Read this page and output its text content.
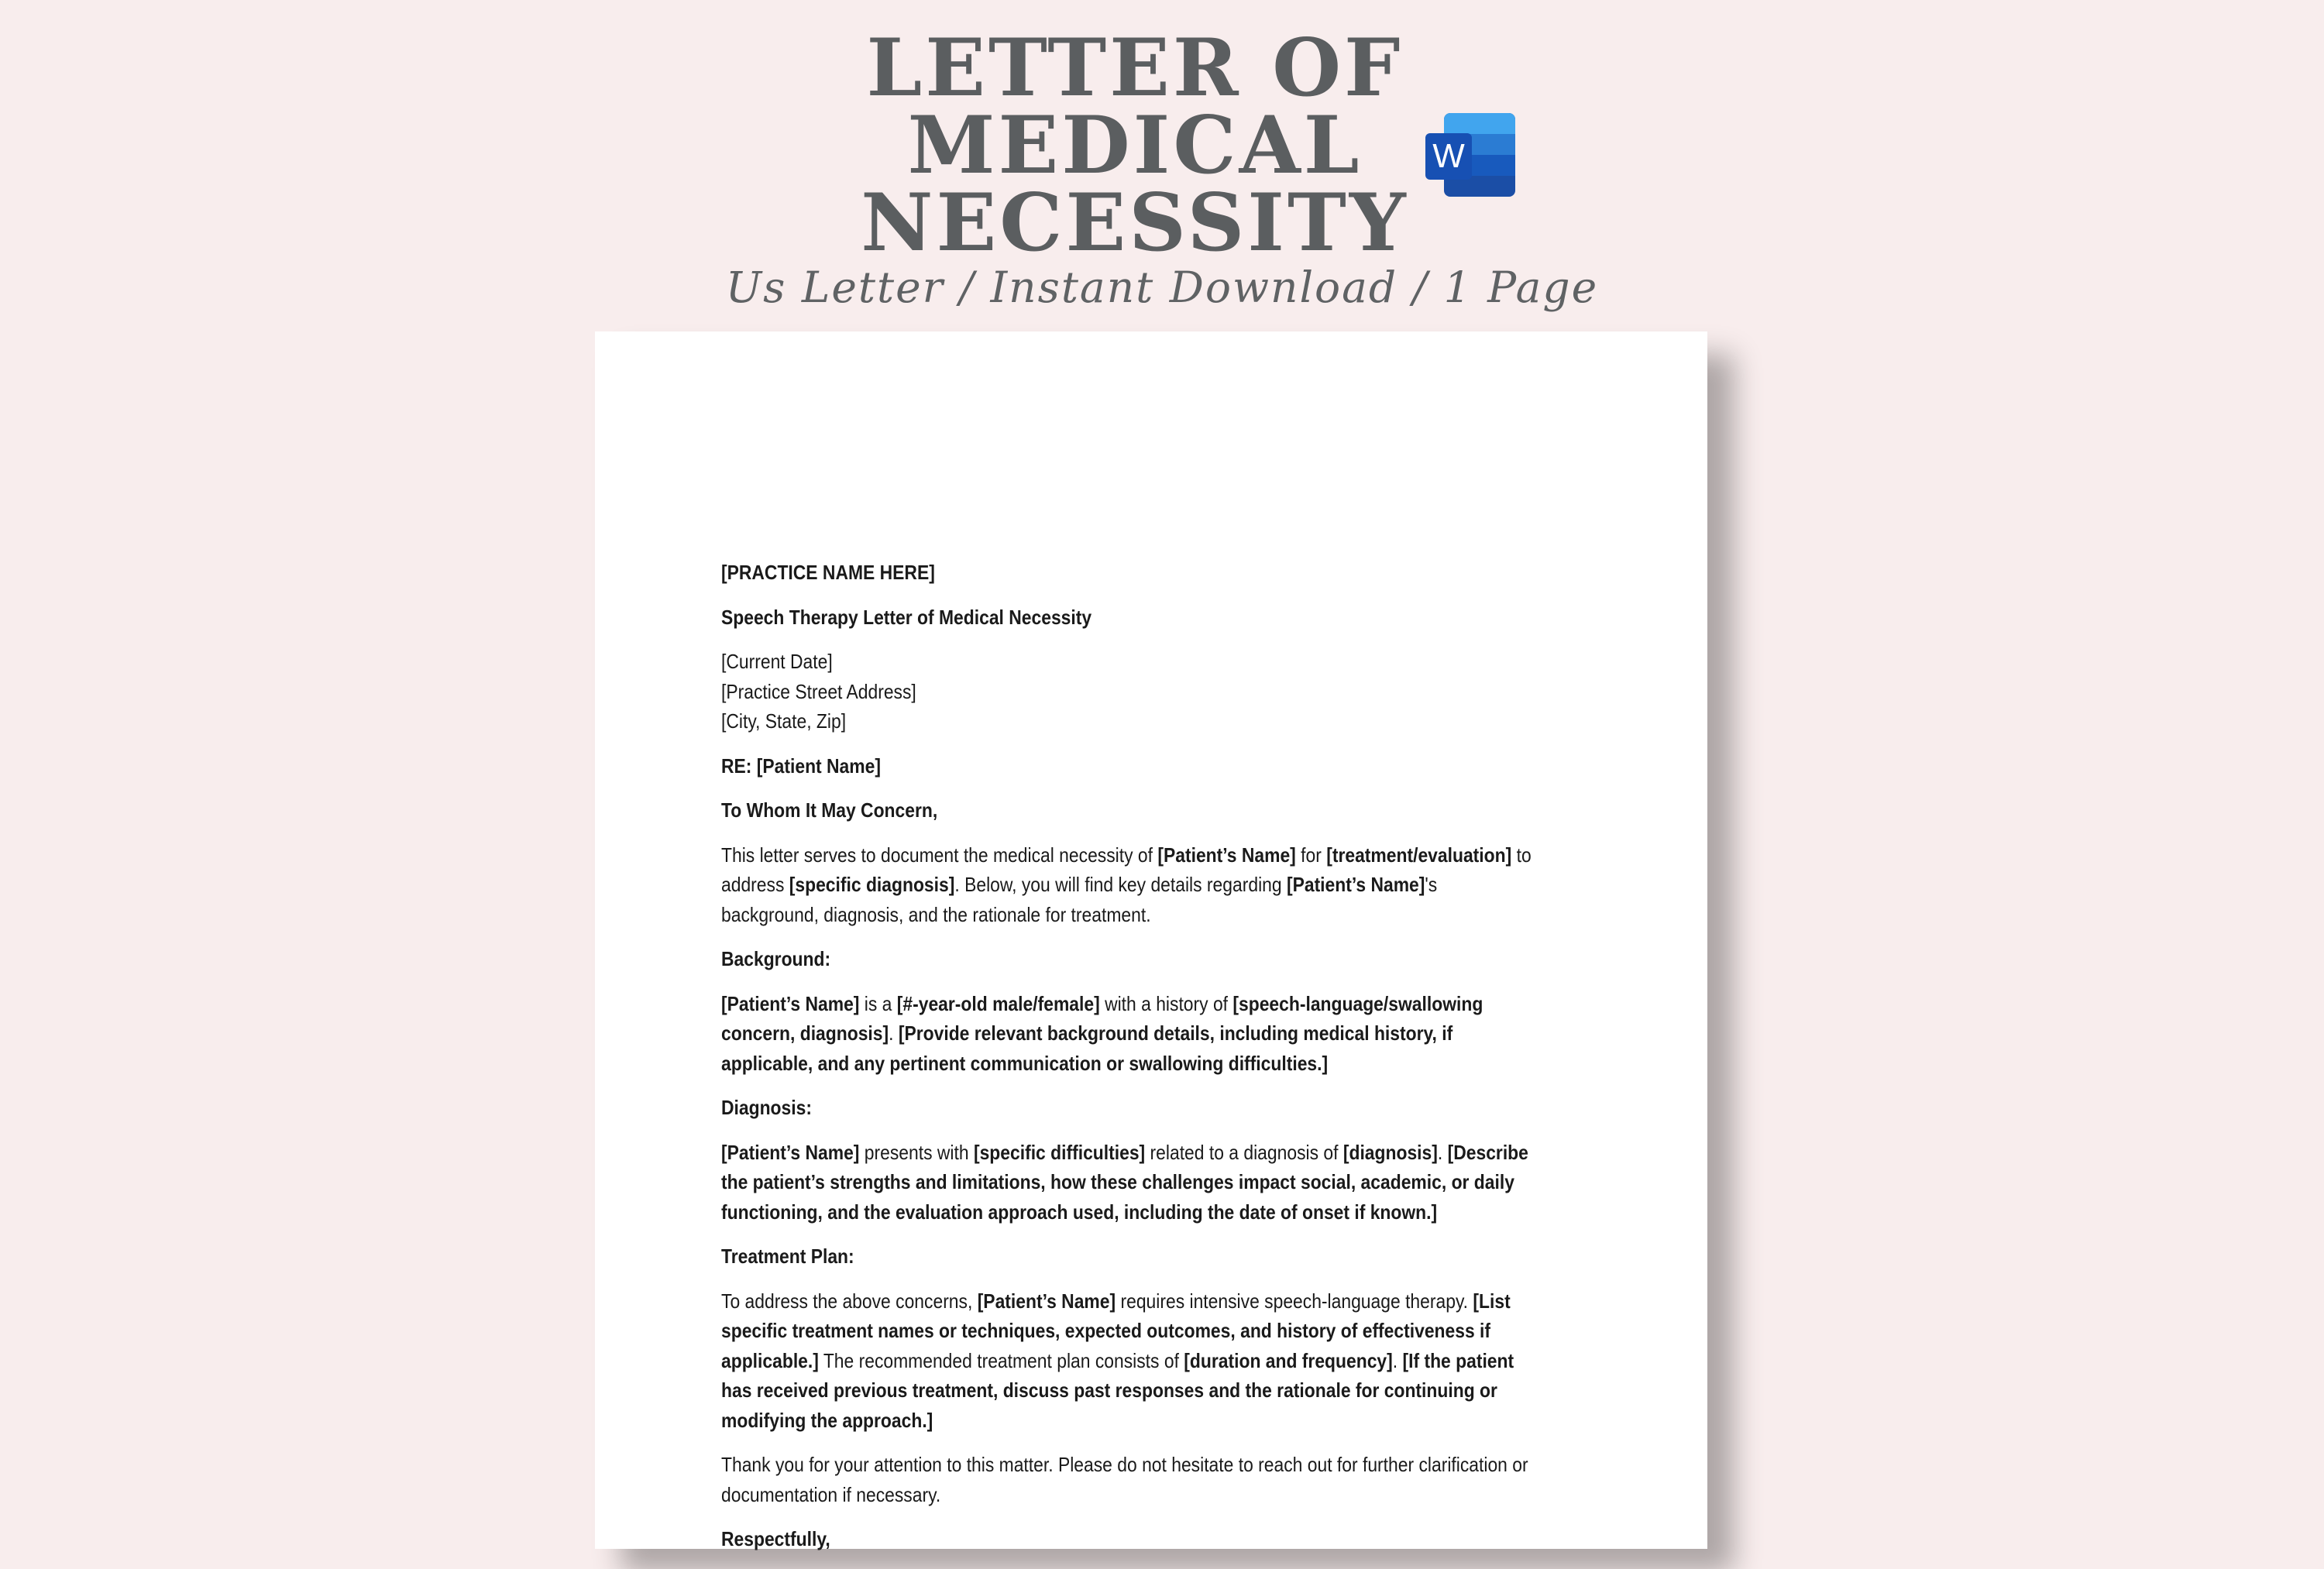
LETTER OF
MEDICAL
NECESSITY
W
Us Letter / Instant Download / 1 Page

[PRACTICE NAME HERE]

Speech Therapy Letter of Medical Necessity

[Current Date]
[Practice Street Address]
[City, State, Zip]

RE: [Patient Name]

To Whom It May Concern,

This letter serves to document the medical necessity of [Patient’s Name] for [treatment/evaluation] to
address [specific diagnosis]. Below, you will find key details regarding [Patient’s Name]'s
background, diagnosis, and the rationale for treatment.

Background:

[Patient’s Name] is a [#-year-old male/female] with a history of [speech-language/swallowing
concern, diagnosis]. [Provide relevant background details, including medical history, if
applicable, and any pertinent communication or swallowing difficulties.]

Diagnosis:

[Patient’s Name] presents with [specific difficulties] related to a diagnosis of [diagnosis]. [Describe
the patient’s strengths and limitations, how these challenges impact social, academic, or daily
functioning, and the evaluation approach used, including the date of onset if known.]

Treatment Plan:

To address the above concerns, [Patient’s Name] requires intensive speech-language therapy. [List
specific treatment names or techniques, expected outcomes, and history of effectiveness if
applicable.] The recommended treatment plan consists of [duration and frequency]. [If the patient
has received previous treatment, discuss past responses and the rationale for continuing or
modifying the approach.]

Thank you for your attention to this matter. Please do not hesitate to reach out for further clarification or
documentation if necessary.

Respectfully,
